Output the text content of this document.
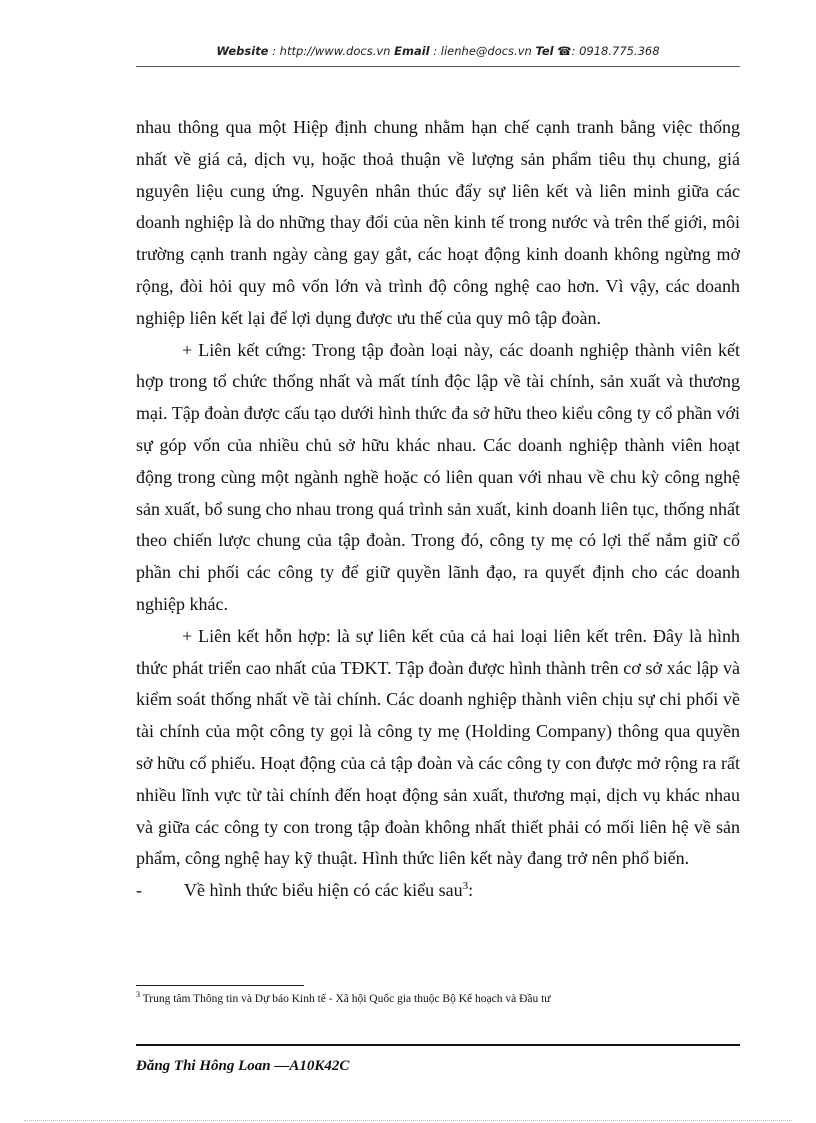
Website : http://www.docs.vn Email : lienhe@docs.vn Tel ☎: 0918.775.368

nhau thông qua một Hiệp định chung nhằm hạn chế cạnh tranh bằng việc thống nhất về giá cả, dịch vụ, hoặc thoả thuận về lượng sản phẩm tiêu thụ chung, giá nguyên liệu cung ứng. Nguyên nhân thúc đẩy sự liên kết và liên minh giữa các doanh nghiệp là do những thay đổi của nền kinh tế trong nước và trên thế giới, môi trường cạnh tranh ngày càng gay gắt, các hoạt động kinh doanh không ngừng mở rộng, đòi hỏi quy mô vốn lớn và trình độ công nghệ cao hơn. Vì vậy, các doanh nghiệp liên kết lại để lợi dụng được ưu thế của quy mô tập đoàn.

+ Liên kết cứng: Trong tập đoàn loại này, các doanh nghiệp thành viên kết hợp trong tổ chức thống nhất và mất tính độc lập về tài chính, sản xuất và thương mại. Tập đoàn được cấu tạo dưới hình thức đa sở hữu theo kiểu công ty cổ phần với sự góp vốn của nhiều chủ sở hữu khác nhau. Các doanh nghiệp thành viên hoạt động trong cùng một ngành nghề hoặc có liên quan với nhau về chu kỳ công nghệ sản xuất, bổ sung cho nhau trong quá trình sản xuất, kinh doanh liên tục, thống nhất theo chiến lược chung của tập đoàn. Trong đó, công ty mẹ có lợi thế nắm giữ cổ phần chi phối các công ty để giữ quyền lãnh đạo, ra quyết định cho các doanh nghiệp khác.

+ Liên kết hỗn hợp: là sự liên kết của cả hai loại liên kết trên. Đây là hình thức phát triển cao nhất của TĐKT. Tập đoàn được hình thành trên cơ sở xác lập và kiểm soát thống nhất về tài chính. Các doanh nghiệp thành viên chịu sự chi phối về tài chính của một công ty gọi là công ty mẹ (Holding Company) thông qua quyền sở hữu cổ phiếu. Hoạt động của cả tập đoàn và các công ty con được mở rộng ra rất nhiều lĩnh vực từ tài chính đến hoạt động sản xuất, thương mại, dịch vụ khác nhau và giữa các công ty con trong tập đoàn không nhất thiết phải có mối liên hệ về sản phẩm, công nghệ hay kỹ thuật. Hình thức liên kết này đang trở nên phổ biến.

-	Về hình thức biểu hiện có các kiểu sau$^3$:
$^3$ Trung tâm Thông tin và Dự báo Kinh tế - Xã hội Quốc gia thuộc Bộ Kế hoạch và Đầu tư
Đăng Thi Hông Loan —A10K42C
